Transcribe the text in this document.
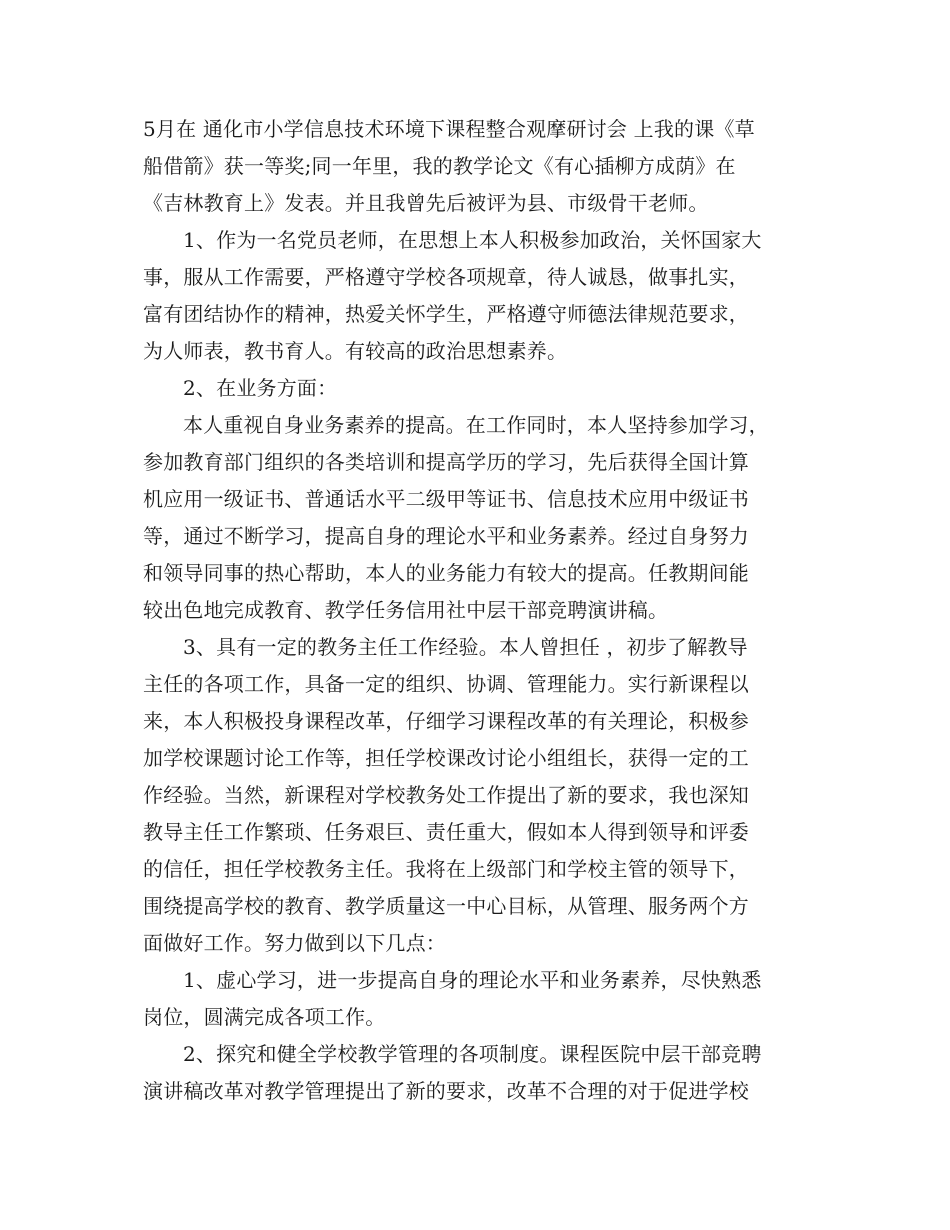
5月在 通化市小学信息技术环境下课程整合观摩研讨会 上我的课《草
船借箭》获一等奖;同一年里，我的教学论文《有心插柳方成荫》在
《吉林教育上》发表。并且我曾先后被评为县、市级骨干老师。
1、作为一名党员老师，在思想上本人积极参加政治，关怀国家大
事，服从工作需要，严格遵守学校各项规章，待人诚恳，做事扎实，
富有团结协作的精神，热爱关怀学生，严格遵守师德法律规范要求，
为人师表，教书育人。有较高的政治思想素养。
2、在业务方面：
本人重视自身业务素养的提高。在工作同时，本人坚持参加学习，
参加教育部门组织的各类培训和提高学历的学习，先后获得全国计算
机应用一级证书、普通话水平二级甲等证书、信息技术应用中级证书
等，通过不断学习，提高自身的理论水平和业务素养。经过自身努力
和领导同事的热心帮助，本人的业务能力有较大的提高。任教期间能
较出色地完成教育、教学任务信用社中层干部竞聘演讲稿。
3、具有一定的教务主任工作经验。本人曾担任 ，初步了解教导
主任的各项工作，具备一定的组织、协调、管理能力。实行新课程以
来，本人积极投身课程改革，仔细学习课程改革的有关理论，积极参
加学校课题讨论工作等，担任学校课改讨论小组组长，获得一定的工
作经验。当然，新课程对学校教务处工作提出了新的要求，我也深知
教导主任工作繁琐、任务艰巨、责任重大，假如本人得到领导和评委
的信任，担任学校教务主任。我将在上级部门和学校主管的领导下，
围绕提高学校的教育、教学质量这一中心目标，从管理、服务两个方
面做好工作。努力做到以下几点：
1、虚心学习，进一步提高自身的理论水平和业务素养，尽快熟悉
岗位，圆满完成各项工作。
2、探究和健全学校教学管理的各项制度。课程医院中层干部竞聘
演讲稿改革对教学管理提出了新的要求，改革不合理的对于促进学校
